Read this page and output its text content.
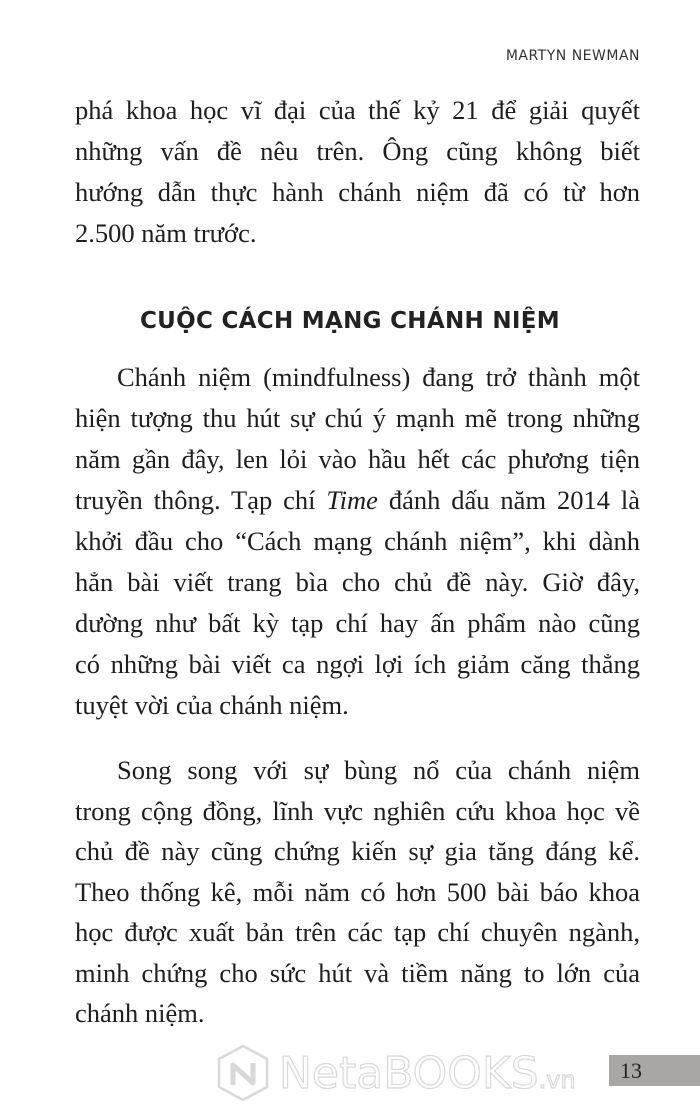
MARTYN NEWMAN
phá khoa học vĩ đại của thế kỷ 21 để giải quyết
những vấn đề nêu trên. Ông cũng không biết
hướng dẫn thực hành chánh niệm đã có từ hơn
2.500 năm trước.
CUỘC CÁCH MẠNG CHÁNH NIỆM
Chánh niệm (mindfulness) đang trở thành một
hiện tượng thu hút sự chú ý mạnh mẽ trong những
năm gần đây, len lỏi vào hầu hết các phương tiện
truyền thông. Tạp chí Time đánh dấu năm 2014 là
khởi đầu cho “Cách mạng chánh niệm”, khi dành
hẳn bài viết trang bìa cho chủ đề này. Giờ đây,
dường như bất kỳ tạp chí hay ấn phẩm nào cũng
có những bài viết ca ngợi lợi ích giảm căng thẳng
tuyệt vời của chánh niệm.
Song song với sự bùng nổ của chánh niệm
trong cộng đồng, lĩnh vực nghiên cứu khoa học về
chủ đề này cũng chứng kiến sự gia tăng đáng kể.
Theo thống kê, mỗi năm có hơn 500 bài báo khoa
học được xuất bản trên các tạp chí chuyên ngành,
minh chứng cho sức hút và tiềm năng to lớn của
chánh niệm.
NetaBOOKS.vn 13
